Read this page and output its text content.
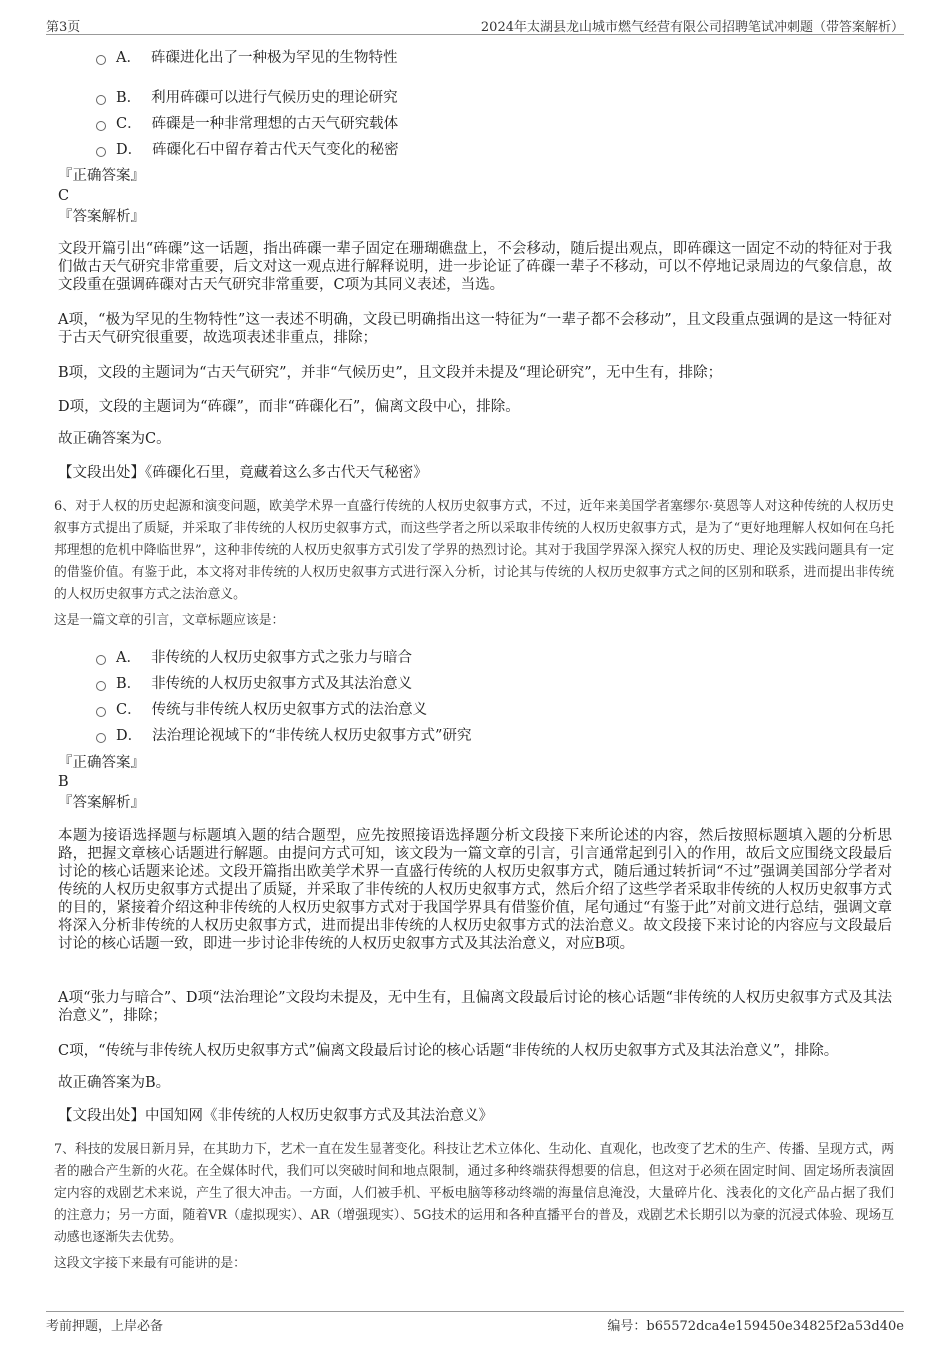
第3页	2024年太湖县龙山城市燃气经营有限公司招聘笔试冲刺题（带答案解析）
A． 砗磲进化出了一种极为罕见的生物特性
B． 利用砗磲可以进行气候历史的理论研究
C． 砗磲是一种非常理想的古天气研究载体
D． 砗磲化石中留存着古代天气变化的秘密
『正确答案』
C
『答案解析』
文段开篇引出“砗磲”这一话题，指出砗磲一辈子固定在珊瑚礁盘上，不会移动，随后提出观点，即砗磲这一固定不动的特征对于我们做古天气研究非常重要，后文对这一观点进行解释说明，进一步论证了砗磲一辈子不移动，可以不停地记录周边的气象信息，故文段重在强调砗磲对古天气研究非常重要，C项为其同义表述，当选。
A项，“极为罕见的生物特性”这一表述不明确，文段已明确指出这一特征为“一辈子都不会移动”，且文段重点强调的是这一特征对于古天气研究很重要，故选项表述非重点，排除；
B项，文段的主题词为“古天气研究”，并非“气候历史”，且文段并未提及“理论研究”，无中生有，排除；
D项，文段的主题词为“砗磲”，而非“砗磲化石”，偏离文段中心，排除。
故正确答案为C。
【文段出处】《砗磲化石里，竟藏着这么多古代天气秘密》
6、对于人权的历史起源和演变问题，欧美学术界一直盛行传统的人权历史叙事方式，不过，近年来美国学者塞缪尔·莫恩等人对这种传统的人权历史叙事方式提出了质疑，并采取了非传统的人权历史叙事方式，而这些学者之所以采取非传统的人权历史叙事方式，是为了“更好地理解人权如何在乌托邦理想的危机中降临世界”，这种非传统的人权历史叙事方式引发了学界的热烈讨论。其对于我国学界深入探究人权的历史、理论及实践问题具有一定的借鉴价值。有鉴于此，本文将对非传统的人权历史叙事方式进行深入分析，讨论其与传统的人权历史叙事方式之间的区别和联系，进而提出非传统的人权历史叙事方式之法治意义。
这是一篇文章的引言，文章标题应该是：
A． 非传统的人权历史叙事方式之张力与暗合
B． 非传统的人权历史叙事方式及其法治意义
C． 传统与非传统人权历史叙事方式的法治意义
D． 法治理论视域下的“非传统人权历史叙事方式”研究
『正确答案』
B
『答案解析』
本题为接语选择题与标题填入题的结合题型，应先按照接语选择题分析文段接下来所论述的内容，然后按照标题填入题的分析思路，把握文章核心话题进行解题。由提问方式可知，该文段为一篇文章的引言，引言通常起到引入的作用，故后文应围绕文段最后讨论的核心话题来论述。文段开篇指出欧美学术界一直盛行传统的人权历史叙事方式，随后通过转折词“不过”强调美国部分学者对传统的人权历史叙事方式提出了质疑，并采取了非传统的人权历史叙事方式，然后介绍了这些学者采取非传统的人权历史叙事方式的目的，紧接着介绍这种非传统的人权历史叙事方式对于我国学界具有借鉴价值，尾句通过“有鉴于此”对前文进行总结，强调文章将深入分析非传统的人权历史叙事方式，进而提出非传统的人权历史叙事方式的法治意义。故文段接下来讨论的内容应与文段最后讨论的核心话题一致，即进一步讨论非传统的人权历史叙事方式及其法治意义，对应B项。
A项“张力与暗合”、D项“法治理论”文段均未提及，无中生有，且偏离文段最后讨论的核心话题“非传统的人权历史叙事方式及其法治意义”，排除；
C项，“传统与非传统人权历史叙事方式”偏离文段最后讨论的核心话题“非传统的人权历史叙事方式及其法治意义”，排除。
故正确答案为B。
【文段出处】中国知网《非传统的人权历史叙事方式及其法治意义》
7、科技的发展日新月异，在其助力下，艺术一直在发生显著变化。科技让艺术立体化、生动化、直观化，也改变了艺术的生产、传播、呈现方式，两者的融合产生新的火花。在全媒体时代，我们可以突破时间和地点限制，通过多种终端获得想要的信息，但这对于必须在固定时间、固定场所表演固定内容的戏剧艺术来说，产生了很大冲击。一方面，人们被手机、平板电脑等移动终端的海量信息淹没，大量碎片化、浅表化的文化产品占据了我们的注意力；另一方面，随着VR（虚拟现实）、AR（增强现实）、5G技术的运用和各种直播平台的普及，戏剧艺术长期引以为豪的沉浸式体验、现场互动感也逐渐失去优势。
这段文字接下来最有可能讲的是：
考前押题，上岸必备	编号：b65572dca4e159450e34825f2a53d40e
